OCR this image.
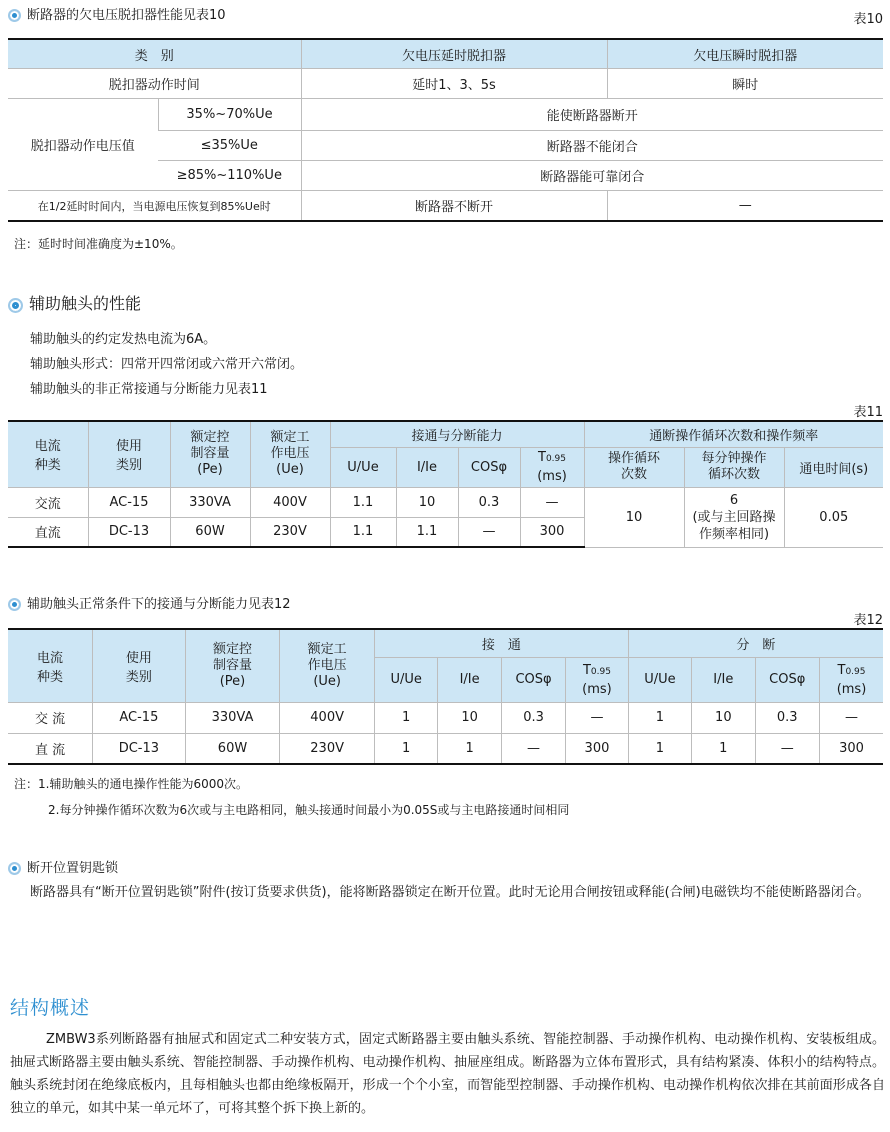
断路器的欠电压脱扣器性能见表10	表10
类　别		欠电压延时脱扣器	欠电压瞬时脱扣器
脱扣器动作时间		延时1、3、5s	瞬时
脱扣器动作电压值	35%~70%Ue	能使断路器断开	
	≤35%Ue	断路器不能闭合	
	≥85%~110%Ue	断路器能可靠闭合	
在1/2延时时间内，当电源电压恢复到85%Ue时		断路器不断开	—
注：延时时间准确度为±10%。
辅助触头的性能
辅助触头的约定发热电流为6A。
辅助触头形式：四常开四常闭或六常开六常闭。
辅助触头的非正常接通与分断能力见表11
表11
电流
种类	使用
类别	额定控
制容量
(Pe)	额定工
作电压
(Ue)	接通与分断能力				通断操作循环次数和操作频率		
				U/Ue	I/Ie	COSφ	T0.95
(ms)	操作循环
次数	每分钟操作
循环次数	通电时间(s)
交流	AC-15	330VA	400V	1.1	10	0.3	—	10	6
(或与主回路操
作频率相同)	0.05
直流	DC-13	60W	230V	1.1	1.1	—	300			
辅助触头正常条件下的接通与分断能力见表12
表12
电流
种类	使用
类别	额定控
制容量
(Pe)	额定工
作电压
(Ue)	接　通				分　断			
				U/Ue	I/Ie	COSφ	T0.95
(ms)	U/Ue	I/Ie	COSφ	T0.95
(ms)
交 流	AC-15	330VA	400V	1	10	0.3	—	1	10	0.3	—
直 流	DC-13	60W	230V	1	1	—	300	1	1	—	300
注：1.辅助触头的通电操作性能为6000次。
2.每分钟操作循环次数为6次或与主电路相同，触头接通时间最小为0.05S或与主电路接通时间相同
断开位置钥匙锁

断路器具有“断开位置钥匙锁”附件(按订货要求供货)，能将断路器锁定在断开位置。此时无论用合闸按钮或释能(合闸)电磁铁均不能使断路器闭合。

结构概述

ZMBW3系列断路器有抽屉式和固定式二种安装方式，固定式断路器主要由触头系统、智能控制器、手动操作机构、电动操作机构、安装板组成。抽屉式断路器主要由触头系统、智能控制器、手动操作机构、电动操作机构、抽屉座组成。断路器为立体布置形式，具有结构紧凑、体积小的结构特点。触头系统封闭在绝缘底板内，且每相触头也都由绝缘板隔开，形成一个个小室，而智能型控制器、手动操作机构、电动操作机构依次排在其前面形成各自独立的单元，如其中某一单元坏了，可将其整个拆下换上新的。
